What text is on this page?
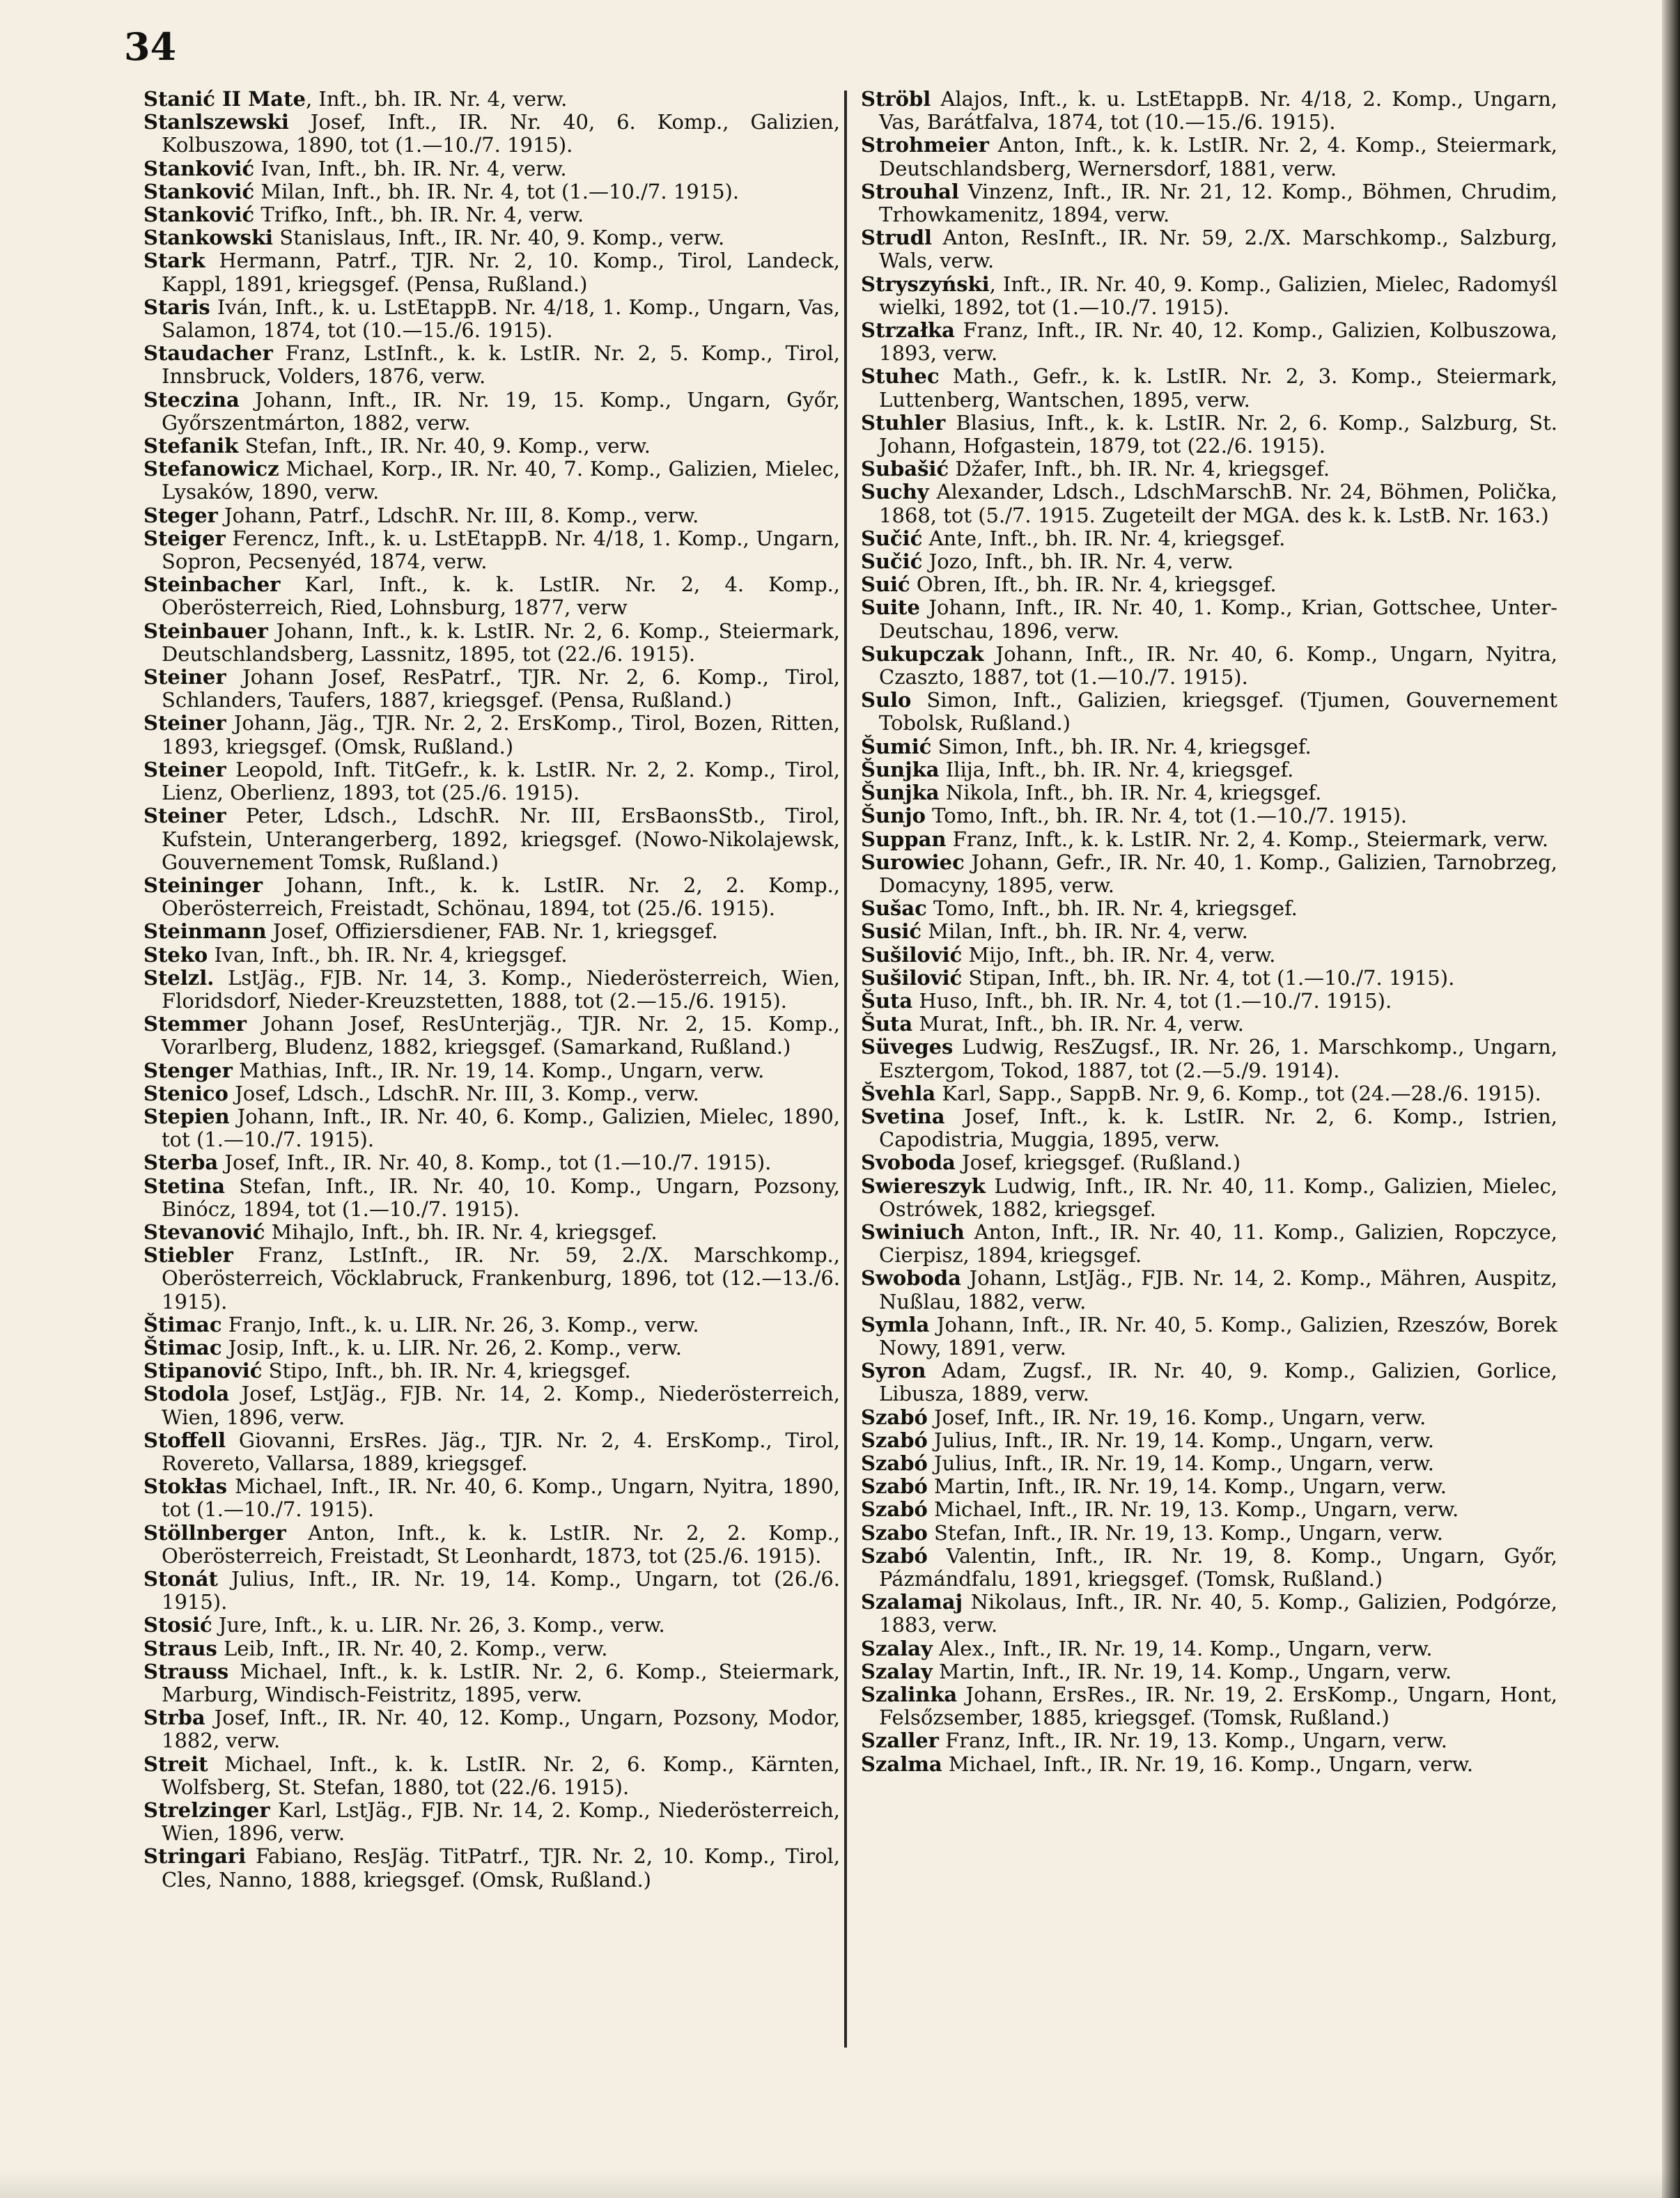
34
Stanić II Mate, Inft., bh. IR. Nr. 4, verw.
Stanlszewski Josef, Inft., IR. Nr. 40, 6. Komp., Galizien, Kolbuszowa, 1890, tot (1.—10./7. 1915).
Stanković Ivan, Inft., bh. IR. Nr. 4, verw.
Stanković Milan, Inft., bh. IR. Nr. 4, tot (1.—10./7. 1915).
Stanković Trifko, Inft., bh. IR. Nr. 4, verw.
Stankowski Stanislaus, Inft., IR. Nr. 40, 9. Komp., verw.
Stark Hermann, Patrf., TJR. Nr. 2, 10. Komp., Tirol, Landeck, Kappl, 1891, kriegsgef. (Pensa, Rußland.)
Staris Iván, Inft., k. u. LstEtappB. Nr. 4/18, 1. Komp., Ungarn, Vas, Salamon, 1874, tot (10.—15./6. 1915).
Staudacher Franz, LstInft., k. k. LstIR. Nr. 2, 5. Komp., Tirol, Innsbruck, Volders, 1876, verw.
Steczina Johann, Inft., IR. Nr. 19, 15. Komp., Ungarn, Győr, Győrszentmárton, 1882, verw.
Stefanik Stefan, Inft., IR. Nr. 40, 9. Komp., verw.
Stefanowicz Michael, Korp., IR. Nr. 40, 7. Komp., Galizien, Mielec, Lysaków, 1890, verw.
Steger Johann, Patrf., LdschR. Nr. III, 8. Komp., verw.
Steiger Ferencz, Inft., k. u. LstEtappB. Nr. 4/18, 1. Komp., Ungarn, Sopron, Pecsenyéd, 1874, verw.
Steinbacher Karl, Inft., k. k. LstIR. Nr. 2, 4. Komp., Oberösterreich, Ried, Lohnsburg, 1877, verw
Steinbauer Johann, Inft., k. k. LstIR. Nr. 2, 6. Komp., Steiermark, Deutschlandsberg, Lassnitz, 1895, tot (22./6. 1915).
Steiner Johann Josef, ResPatrf., TJR. Nr. 2, 6. Komp., Tirol, Schlanders, Taufers, 1887, kriegsgef. (Pensa, Rußland.)
Steiner Johann, Jäg., TJR. Nr. 2, 2. ErsKomp., Tirol, Bozen, Ritten, 1893, kriegsgef. (Omsk, Rußland.)
Steiner Leopold, Inft. TitGefr., k. k. LstIR. Nr. 2, 2. Komp., Tirol, Lienz, Oberlienz, 1893, tot (25./6. 1915).
Steiner Peter, Ldsch., LdschR. Nr. III, ErsBaonsStb., Tirol, Kufstein, Unterangerberg, 1892, kriegsgef. (Nowo-Nikolajewsk, Gouvernement Tomsk, Rußland.)
Steininger Johann, Inft., k. k. LstIR. Nr. 2, 2. Komp., Oberösterreich, Freistadt, Schönau, 1894, tot (25./6. 1915).
Steinmann Josef, Offiziersdiener, FAB. Nr. 1, kriegsgef.
Steko Ivan, Inft., bh. IR. Nr. 4, kriegsgef.
Stelzl. LstJäg., FJB. Nr. 14, 3. Komp., Niederösterreich, Wien, Floridsdorf, Nieder-Kreuzstetten, 1888, tot (2.—15./6. 1915).
Stemmer Johann Josef, ResUnterjäg., TJR. Nr. 2, 15. Komp., Vorarlberg, Bludenz, 1882, kriegsgef. (Samarkand, Rußland.)
Stenger Mathias, Inft., IR. Nr. 19, 14. Komp., Ungarn, verw.
Stenico Josef, Ldsch., LdschR. Nr. III, 3. Komp., verw.
Stepien Johann, Inft., IR. Nr. 40, 6. Komp., Galizien, Mielec, 1890, tot (1.—10./7. 1915).
Sterba Josef, Inft., IR. Nr. 40, 8. Komp., tot (1.—10./7. 1915).
Stetina Stefan, Inft., IR. Nr. 40, 10. Komp., Ungarn, Pozsony, Binócz, 1894, tot (1.—10./7. 1915).
Stevanović Mihajlo, Inft., bh. IR. Nr. 4, kriegsgef.
Stiebler Franz, LstInft., IR. Nr. 59, 2./X. Marschkomp., Oberösterreich, Vöcklabruck, Frankenburg, 1896, tot (12.—13./6. 1915).
Štimac Franjo, Inft., k. u. LIR. Nr. 26, 3. Komp., verw.
Štimac Josip, Inft., k. u. LIR. Nr. 26, 2. Komp., verw.
Stipanović Stipo, Inft., bh. IR. Nr. 4, kriegsgef.
Stodola Josef, LstJäg., FJB. Nr. 14, 2. Komp., Niederösterreich, Wien, 1896, verw.
Stoffell Giovanni, ErsRes. Jäg., TJR. Nr. 2, 4. ErsKomp., Tirol, Rovereto, Vallarsa, 1889, kriegsgef.
Stokłas Michael, Inft., IR. Nr. 40, 6. Komp., Ungarn, Nyitra, 1890, tot (1.—10./7. 1915).
Stöllnberger Anton, Inft., k. k. LstIR. Nr. 2, 2. Komp., Oberösterreich, Freistadt, St Leonhardt, 1873, tot (25./6. 1915).
Stonát Julius, Inft., IR. Nr. 19, 14. Komp., Ungarn, tot (26./6. 1915).
Stosić Jure, Inft., k. u. LIR. Nr. 26, 3. Komp., verw.
Straus Leib, Inft., IR. Nr. 40, 2. Komp., verw.
Strauss Michael, Inft., k. k. LstIR. Nr. 2, 6. Komp., Steiermark, Marburg, Windisch-Feistritz, 1895, verw.
Strba Josef, Inft., IR. Nr. 40, 12. Komp., Ungarn, Pozsony, Modor, 1882, verw.
Streit Michael, Inft., k. k. LstIR. Nr. 2, 6. Komp., Kärnten, Wolfsberg, St. Stefan, 1880, tot (22./6. 1915).
Strelzinger Karl, LstJäg., FJB. Nr. 14, 2. Komp., Niederösterreich, Wien, 1896, verw.
Stringari Fabiano, ResJäg. TitPatrf., TJR. Nr. 2, 10. Komp., Tirol, Cles, Nanno, 1888, kriegsgef. (Omsk, Rußland.)
Ströbl Alajos, Inft., k. u. LstEtappB. Nr. 4/18, 2. Komp., Ungarn, Vas, Barátfalva, 1874, tot (10.—15./6. 1915).
Strohmeier Anton, Inft., k. k. LstIR. Nr. 2, 4. Komp., Steiermark, Deutschlandsberg, Wernersdorf, 1881, verw.
Strouhal Vinzenz, Inft., IR. Nr. 21, 12. Komp., Böhmen, Chrudim, Trhowkamenitz, 1894, verw.
Strudl Anton, ResInft., IR. Nr. 59, 2./X. Marschkomp., Salzburg, Wals, verw.
Stryszyński, Inft., IR. Nr. 40, 9. Komp., Galizien, Mielec, Radomyśl wielki, 1892, tot (1.—10./7. 1915).
Strzałka Franz, Inft., IR. Nr. 40, 12. Komp., Galizien, Kolbuszowa, 1893, verw.
Stuhec Math., Gefr., k. k. LstIR. Nr. 2, 3. Komp., Steiermark, Luttenberg, Wantschen, 1895, verw.
Stuhler Blasius, Inft., k. k. LstIR. Nr. 2, 6. Komp., Salzburg, St. Johann, Hofgastein, 1879, tot (22./6. 1915).
Subašić Džafer, Inft., bh. IR. Nr. 4, kriegsgef.
Suchy Alexander, Ldsch., LdschMarschB. Nr. 24, Böhmen, Polička, 1868, tot (5./7. 1915. Zugeteilt der MGA. des k. k. LstB. Nr. 163.)
Sučić Ante, Inft., bh. IR. Nr. 4, kriegsgef.
Sučić Jozo, Inft., bh. IR. Nr. 4, verw.
Suić Obren, Ift., bh. IR. Nr. 4, kriegsgef.
Suite Johann, Inft., IR. Nr. 40, 1. Komp., Krian, Gottschee, Unter-Deutschau, 1896, verw.
Sukupczak Johann, Inft., IR. Nr. 40, 6. Komp., Ungarn, Nyitra, Czaszto, 1887, tot (1.—10./7. 1915).
Sulo Simon, Inft., Galizien, kriegsgef. (Tjumen, Gouvernement Tobolsk, Rußland.)
Šumić Simon, Inft., bh. IR. Nr. 4, kriegsgef.
Šunjka Ilija, Inft., bh. IR. Nr. 4, kriegsgef.
Šunjka Nikola, Inft., bh. IR. Nr. 4, kriegsgef.
Šunjo Tomo, Inft., bh. IR. Nr. 4, tot (1.—10./7. 1915).
Suppan Franz, Inft., k. k. LstIR. Nr. 2, 4. Komp., Steiermark, verw.
Surowiec Johann, Gefr., IR. Nr. 40, 1. Komp., Galizien, Tarnobrzeg, Domacyny, 1895, verw.
Sušac Tomo, Inft., bh. IR. Nr. 4, kriegsgef.
Susić Milan, Inft., bh. IR. Nr. 4, verw.
Sušilović Mijo, Inft., bh. IR. Nr. 4, verw.
Sušilović Stipan, Inft., bh. IR. Nr. 4, tot (1.—10./7. 1915).
Šuta Huso, Inft., bh. IR. Nr. 4, tot (1.—10./7. 1915).
Šuta Murat, Inft., bh. IR. Nr. 4, verw.
Süveges Ludwig, ResZugsf., IR. Nr. 26, 1. Marschkomp., Ungarn, Esztergom, Tokod, 1887, tot (2.—5./9. 1914).
Švehla Karl, Sapp., SappB. Nr. 9, 6. Komp., tot (24.—28./6. 1915).
Svetina Josef, Inft., k. k. LstIR. Nr. 2, 6. Komp., Istrien, Capodistria, Muggia, 1895, verw.
Svoboda Josef, kriegsgef. (Rußland.)
Swiereszyk Ludwig, Inft., IR. Nr. 40, 11. Komp., Galizien, Mielec, Ostrówek, 1882, kriegsgef.
Swiniuch Anton, Inft., IR. Nr. 40, 11. Komp., Galizien, Ropczyce, Cierpisz, 1894, kriegsgef.
Swoboda Johann, LstJäg., FJB. Nr. 14, 2. Komp., Mähren, Auspitz, Nußlau, 1882, verw.
Symla Johann, Inft., IR. Nr. 40, 5. Komp., Galizien, Rzeszów, Borek Nowy, 1891, verw.
Syron Adam, Zugsf., IR. Nr. 40, 9. Komp., Galizien, Gorlice, Libusza, 1889, verw.
Szabó Josef, Inft., IR. Nr. 19, 16. Komp., Ungarn, verw.
Szabó Julius, Inft., IR. Nr. 19, 14. Komp., Ungarn, verw.
Szabó Julius, Inft., IR. Nr. 19, 14. Komp., Ungarn, verw.
Szabó Martin, Inft., IR. Nr. 19, 14. Komp., Ungarn, verw.
Szabó Michael, Inft., IR. Nr. 19, 13. Komp., Ungarn, verw.
Szabo Stefan, Inft., IR. Nr. 19, 13. Komp., Ungarn, verw.
Szabó Valentin, Inft., IR. Nr. 19, 8. Komp., Ungarn, Győr, Pázmándfalu, 1891, kriegsgef. (Tomsk, Rußland.)
Szalamaj Nikolaus, Inft., IR. Nr. 40, 5. Komp., Galizien, Podgórze, 1883, verw.
Szalay Alex., Inft., IR. Nr. 19, 14. Komp., Ungarn, verw.
Szalay Martin, Inft., IR. Nr. 19, 14. Komp., Ungarn, verw.
Szalinka Johann, ErsRes., IR. Nr. 19, 2. ErsKomp., Ungarn, Hont, Felsőzsember, 1885, kriegsgef. (Tomsk, Rußland.)
Szaller Franz, Inft., IR. Nr. 19, 13. Komp., Ungarn, verw.
Szalma Michael, Inft., IR. Nr. 19, 16. Komp., Ungarn, verw.
